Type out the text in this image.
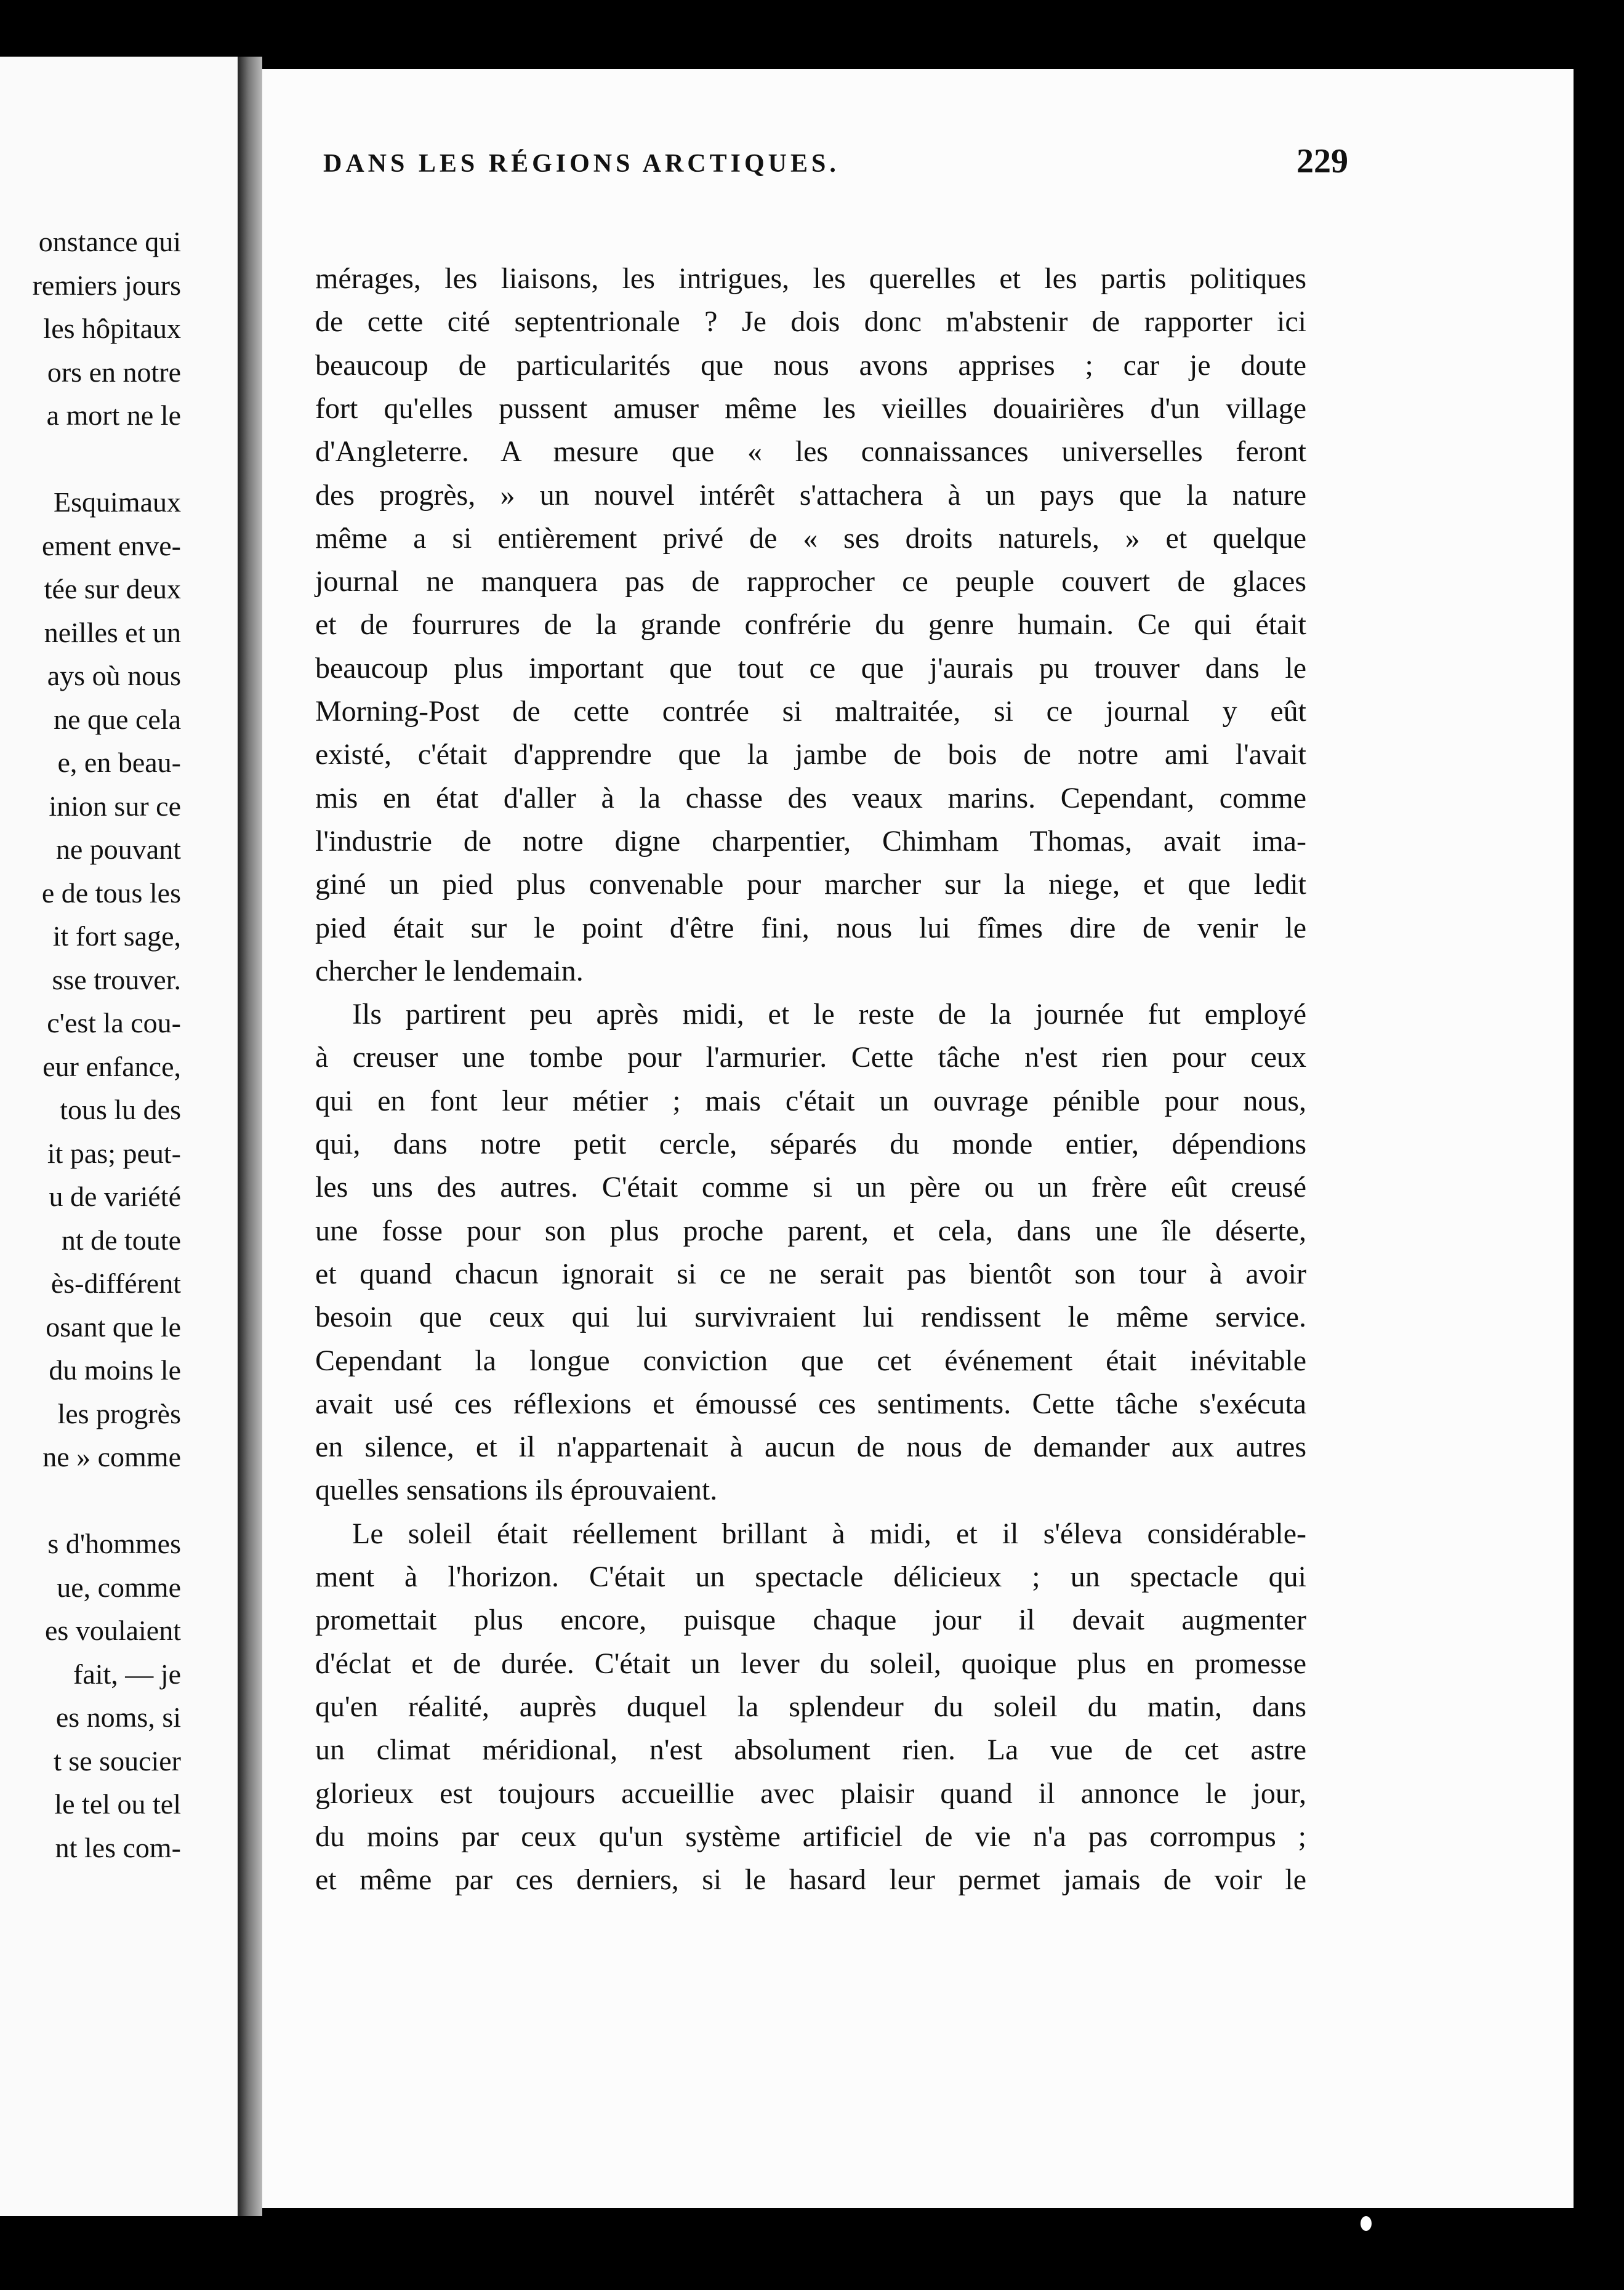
onstance qui
remiers jours
les hôpitaux
ors en notre
a mort ne le
Esquimaux
ement enve-
tée sur deux
neilles et un
ays où nous
ne que cela
e, en beau-
inion sur ce
ne pouvant
e de tous les
it fort sage,
sse trouver.
c'est la cou-
eur enfance,
tous lu des
it pas; peut-
u de variété
nt de toute
ès-différent
osant que le
du moins le
les progrès
ne » comme
s d'hommes
ue, comme
es voulaient
fait, — je
es noms, si
t se soucier
le tel ou tel
nt les com-
DANS LES RÉGIONS ARCTIQUES.	229
mérages, les liaisons, les intrigues, les querelles et les partis politiques
de cette cité septentrionale ? Je dois donc m'abstenir de rapporter ici
beaucoup de particularités que nous avons apprises ; car je doute
fort qu'elles pussent amuser même les vieilles douairières d'un village
d'Angleterre. A mesure que « les connaissances universelles feront
des progrès, » un nouvel intérêt s'attachera à un pays que la nature
même a si entièrement privé de « ses droits naturels, » et quelque
journal ne manquera pas de rapprocher ce peuple couvert de glaces
et de fourrures de la grande confrérie du genre humain. Ce qui était
beaucoup plus important que tout ce que j'aurais pu trouver dans le
Morning-Post de cette contrée si maltraitée, si ce journal y eût
existé, c'était d'apprendre que la jambe de bois de notre ami l'avait
mis en état d'aller à la chasse des veaux marins. Cependant, comme
l'industrie de notre digne charpentier, Chimham Thomas, avait ima-
giné un pied plus convenable pour marcher sur la niege, et que ledit
pied était sur le point d'être fini, nous lui fîmes dire de venir le
chercher le lendemain.
Ils partirent peu après midi, et le reste de la journée fut employé
à creuser une tombe pour l'armurier. Cette tâche n'est rien pour ceux
qui en font leur métier ; mais c'était un ouvrage pénible pour nous,
qui, dans notre petit cercle, séparés du monde entier, dépendions
les uns des autres. C'était comme si un père ou un frère eût creusé
une fosse pour son plus proche parent, et cela, dans une île déserte,
et quand chacun ignorait si ce ne serait pas bientôt son tour à avoir
besoin que ceux qui lui survivraient lui rendissent le même service.
Cependant la longue conviction que cet événement était inévitable
avait usé ces réflexions et émoussé ces sentiments. Cette tâche s'exécuta
en silence, et il n'appartenait à aucun de nous de demander aux autres
quelles sensations ils éprouvaient.
Le soleil était réellement brillant à midi, et il s'éleva considérable-
ment à l'horizon. C'était un spectacle délicieux ; un spectacle qui
promettait plus encore, puisque chaque jour il devait augmenter
d'éclat et de durée. C'était un lever du soleil, quoique plus en promesse
qu'en réalité, auprès duquel la splendeur du soleil du matin, dans
un climat méridional, n'est absolument rien. La vue de cet astre
glorieux est toujours accueillie avec plaisir quand il annonce le jour,
du moins par ceux qu'un système artificiel de vie n'a pas corrompus ;
et même par ces derniers, si le hasard leur permet jamais de voir le
